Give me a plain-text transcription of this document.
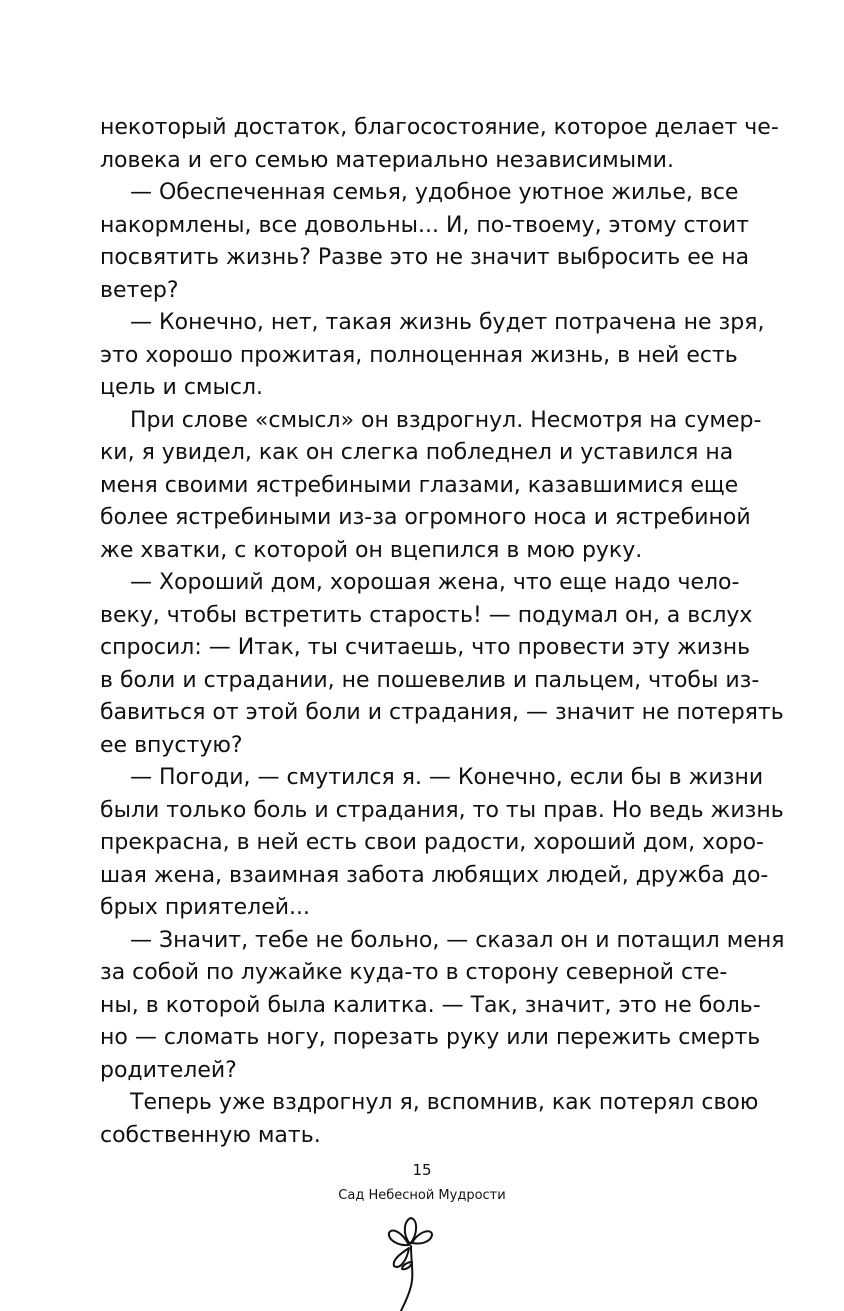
некоторый достаток, благосостояние, которое делает че-
ловека и его семью материально независимыми.
— Обеспеченная семья, удобное уютное жилье, все
накормлены, все довольны... И, по-твоему, этому стоит
посвятить жизнь? Разве это не значит выбросить ее на
ветер?
— Конечно, нет, такая жизнь будет потрачена не зря,
это хорошо прожитая, полноценная жизнь, в ней есть
цель и смысл.
При слове «смысл» он вздрогнул. Несмотря на сумер-
ки, я увидел, как он слегка побледнел и уставился на
меня своими ястребиными глазами, казавшимися еще
более ястребиными из-за огромного носа и ястребиной
же хватки, с которой он вцепился в мою руку.
— Хороший дом, хорошая жена, что еще надо чело-
веку, чтобы встретить старость! — подумал он, а вслух
спросил: — Итак, ты считаешь, что провести эту жизнь
в боли и страдании, не пошевелив и пальцем, чтобы из-
бавиться от этой боли и страдания, — значит не потерять
ее впустую?
— Погоди, — смутился я. — Конечно, если бы в жизни
были только боль и страдания, то ты прав. Но ведь жизнь
прекрасна, в ней есть свои радости, хороший дом, хоро-
шая жена, взаимная забота любящих людей, дружба до-
брых приятелей...
— Значит, тебе не больно, — сказал он и потащил меня
за собой по лужайке куда-то в сторону северной сте-
ны, в которой была калитка. — Так, значит, это не боль-
но — сломать ногу, порезать руку или пережить смерть
родителей?
Теперь уже вздрогнул я, вспомнив, как потерял свою
собственную мать.
15
Сад Небесной Мудрости
